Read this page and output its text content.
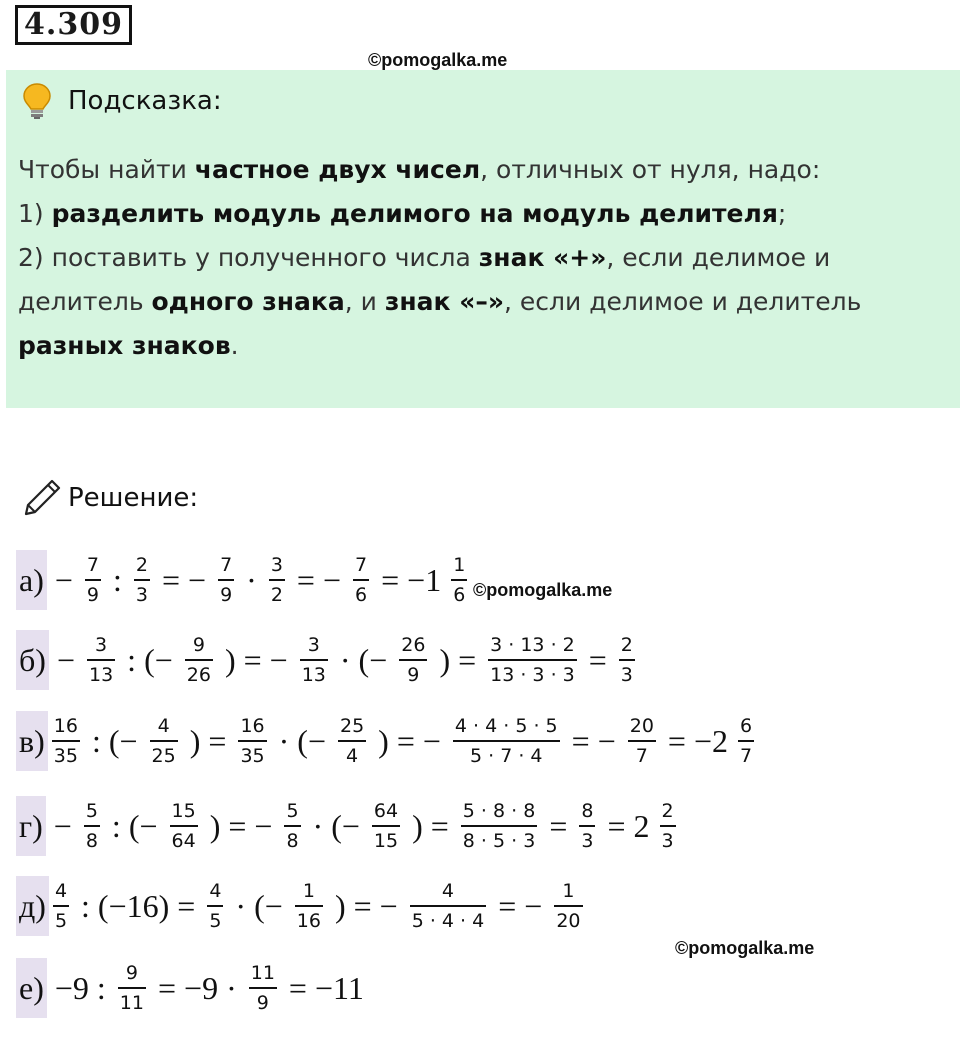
4.309
©pomogalka.me
Подсказка:
Чтобы найти частное двух чисел, отличных от нуля, надо:
1) разделить модуль делимого на модуль делителя;
2) поставить у полученного числа знак «+», если делимое и
делитель одного знака, и знак «–», если делимое и делитель
разных знаков.
Решение:
$а) - \frac{7}{9}$ : $\frac{2}{3}$ = − $\frac{7}{9} \cdot \frac{3}{2}$ = − $\frac{7}{6} = -1 \frac{1}{6}$ ©pomogalka.me
$б) - \frac{3}{13}$ : (− $\frac{9}{26}$ ) = − $\frac{3}{13}$ · (− $\frac{26}{9}$ ) = $\frac{3 \cdot 13 \cdot 2}{13 \cdot 3 \cdot 3} = \frac{2}{3}$
$в) \frac{16}{35}$ : (− $\frac{4}{25}$ ) = $\frac{16}{35}$ · (− $\frac{25}{4}$ ) = − $\frac{4 \cdot 4 \cdot 5 \cdot 5}{5 \cdot 7 \cdot 4}$ = − $\frac{20}{7} = -2 \frac{6}{7}$
$г) - \frac{5}{8}$ : (− $\frac{15}{64}$ ) = − $\frac{5}{8}$ · (− $\frac{64}{15}$ ) = $\frac{5 \cdot 8 \cdot 8}{8 \cdot 5 \cdot 3} = \frac{8}{3} = 2 \frac{2}{3}$
$д) \frac{4}{5}$ : $(-16) = \frac{4}{5}$ · (− $\frac{1}{16}$ ) = − $\frac{4}{5 \cdot 4 \cdot 4}$ = − $\frac{1}{20}$
©pomogalka.me
е) −9 : $\frac{9}{11} = -9 \cdot \frac{11}{9} = -11$
